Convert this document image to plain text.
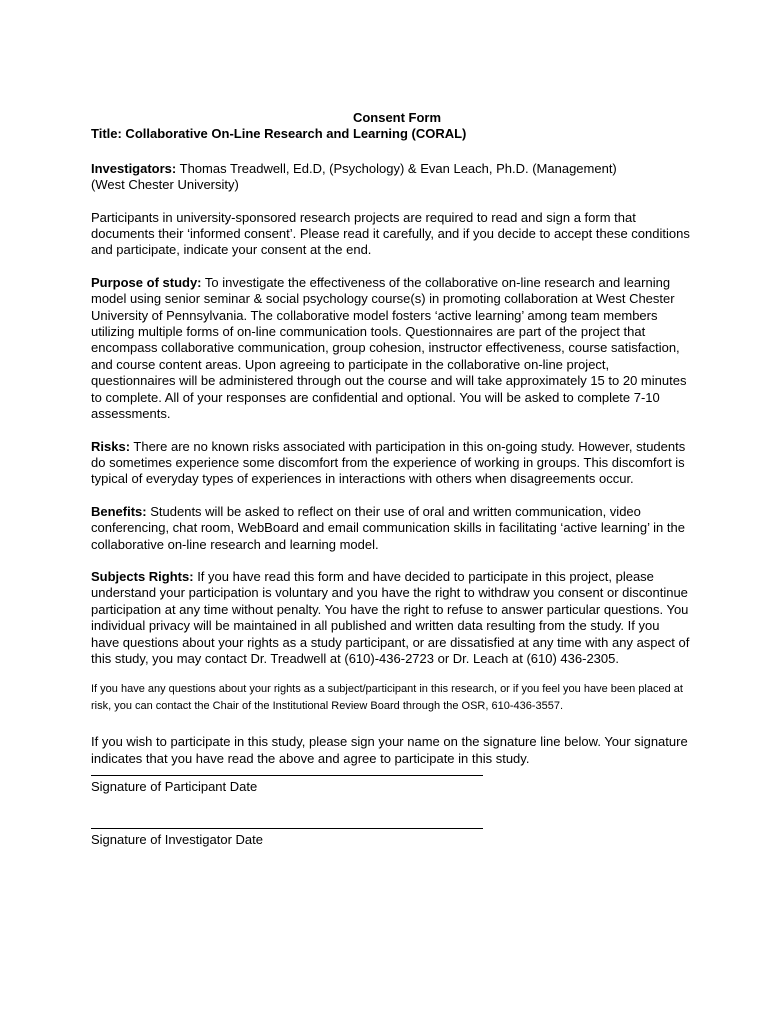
Consent Form
Title: Collaborative On-Line Research and Learning (CORAL)

Investigators: Thomas Treadwell, Ed.D, (Psychology) & Evan Leach, Ph.D. (Management)
(West Chester University)

Participants in university-sponsored research projects are required to read and sign a form that documents their ‘informed consent’. Please read it carefully, and if you decide to accept these conditions and participate, indicate your consent at the end.

Purpose of study: To investigate the effectiveness of the collaborative on-line research and learning model using senior seminar & social psychology course(s) in promoting collaboration at West Chester University of Pennsylvania. The collaborative model fosters ‘active learning’ among team members utilizing multiple forms of on-line communication tools. Questionnaires are part of the project that encompass collaborative communication, group cohesion, instructor effectiveness, course satisfaction, and course content areas. Upon agreeing to participate in the collaborative on-line project, questionnaires will be administered through out the course and will take approximately 15 to 20 minutes to complete. All of your responses are confidential and optional. You will be asked to complete 7-10 assessments.

Risks: There are no known risks associated with participation in this on-going study. However, students do sometimes experience some discomfort from the experience of working in groups. This discomfort is typical of everyday types of experiences in interactions with others when disagreements occur.

Benefits: Students will be asked to reflect on their use of oral and written communication, video conferencing, chat room, WebBoard and email communication skills in facilitating ‘active learning’ in the collaborative on-line research and learning model.

Subjects Rights: If you have read this form and have decided to participate in this project, please understand your participation is voluntary and you have the right to withdraw you consent or discontinue participation at any time without penalty. You have the right to refuse to answer particular questions. You individual privacy will be maintained in all published and written data resulting from the study. If you have questions about your rights as a study participant, or are dissatisfied at any time with any aspect of this study, you may contact Dr. Treadwell at (610)-436-2723 or Dr. Leach at (610) 436-2305.

If you have any questions about your rights as a subject/participant in this research, or if you feel you have been placed at risk, you can contact the Chair of the Institutional Review Board through the OSR, 610-436-3557.

If you wish to participate in this study, please sign your name on the signature line below. Your signature indicates that you have read the above and agree to participate in this study.

Signature of Participant Date
Signature of Investigator Date
